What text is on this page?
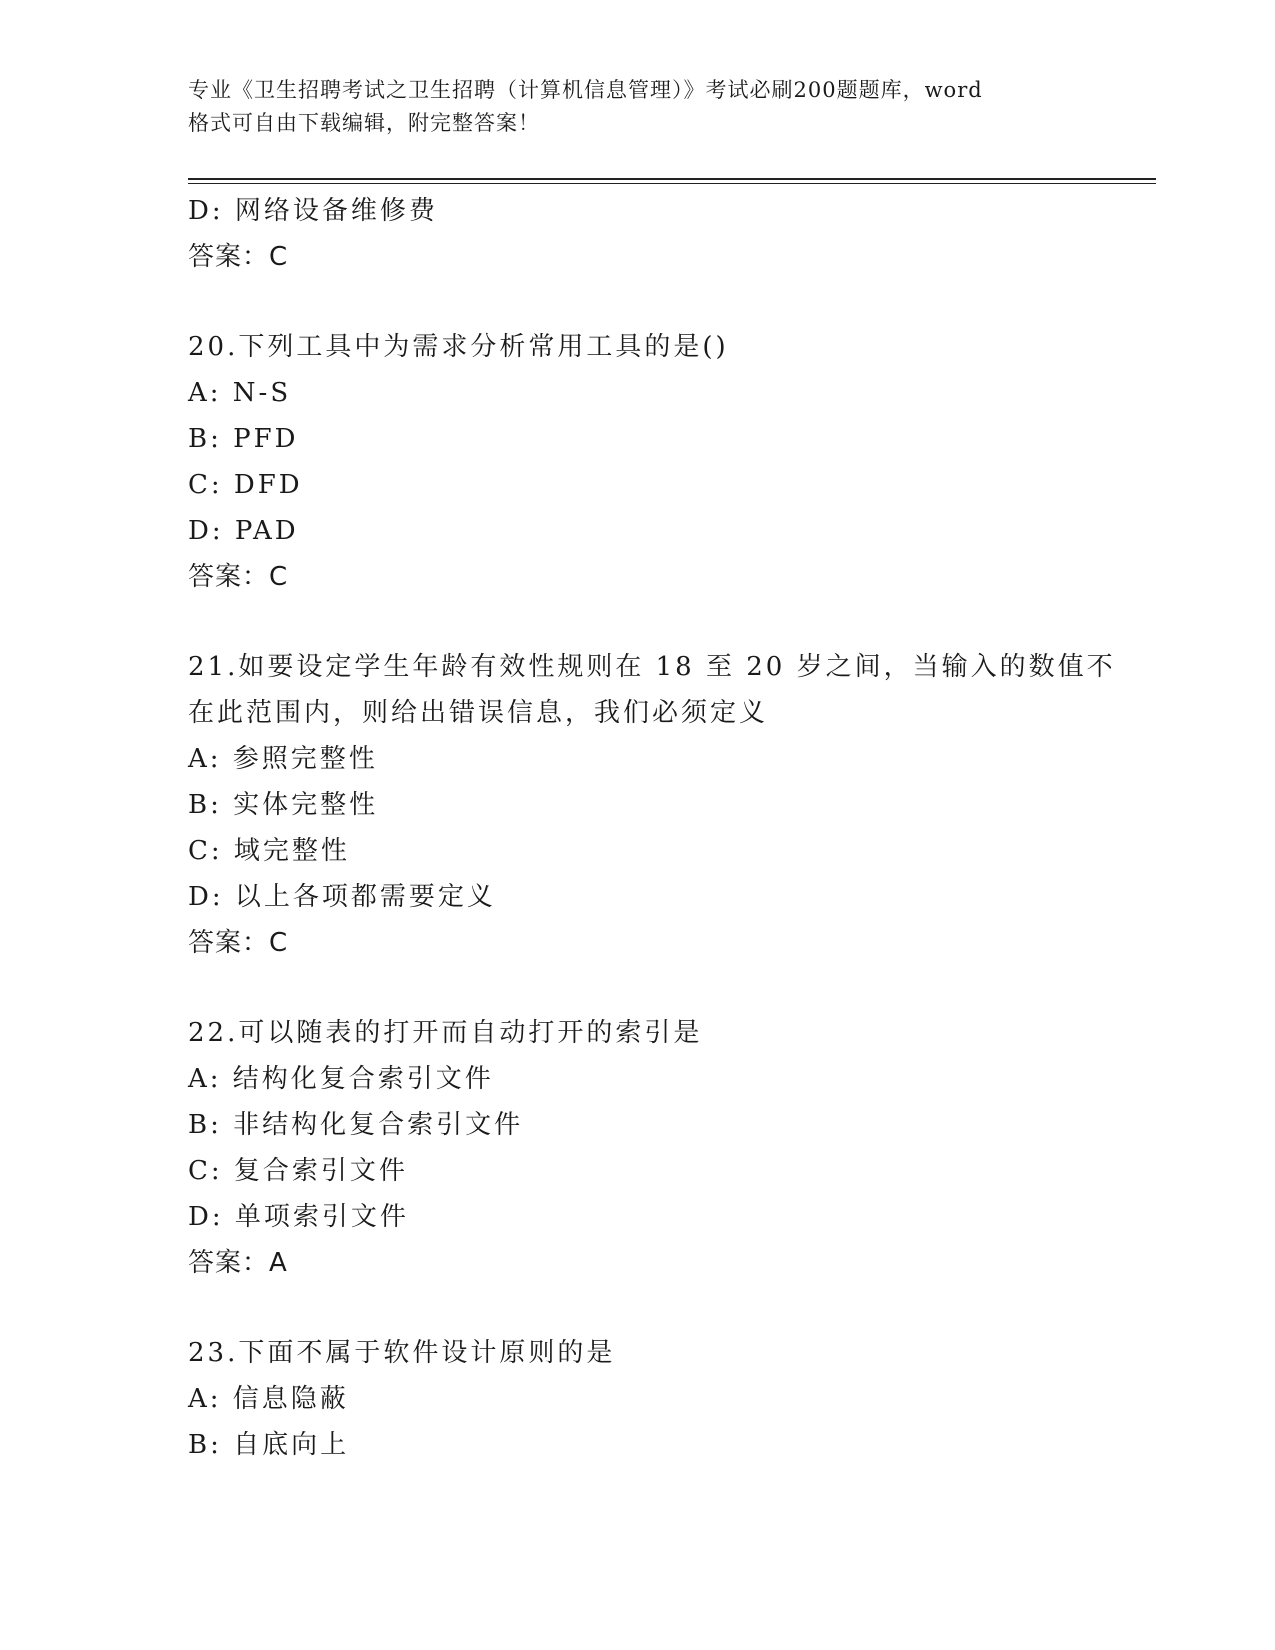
专业《卫生招聘考试之卫生招聘（计算机信息管理）》考试必刷200题题库，word
格式可自由下载编辑，附完整答案！
D: 网络设备维修费
答案：C
20.下列工具中为需求分析常用工具的是()
A: N-S
B: PFD
C: DFD
D: PAD
答案：C
21.如要设定学生年龄有效性规则在 18 至 20 岁之间，当输入的数值不
在此范围内，则给出错误信息，我们必须定义
A: 参照完整性
B: 实体完整性
C: 域完整性
D: 以上各项都需要定义
答案：C
22.可以随表的打开而自动打开的索引是
A: 结构化复合索引文件
B: 非结构化复合索引文件
C: 复合索引文件
D: 单项索引文件
答案：A
23.下面不属于软件设计原则的是
A: 信息隐蔽
B: 自底向上
